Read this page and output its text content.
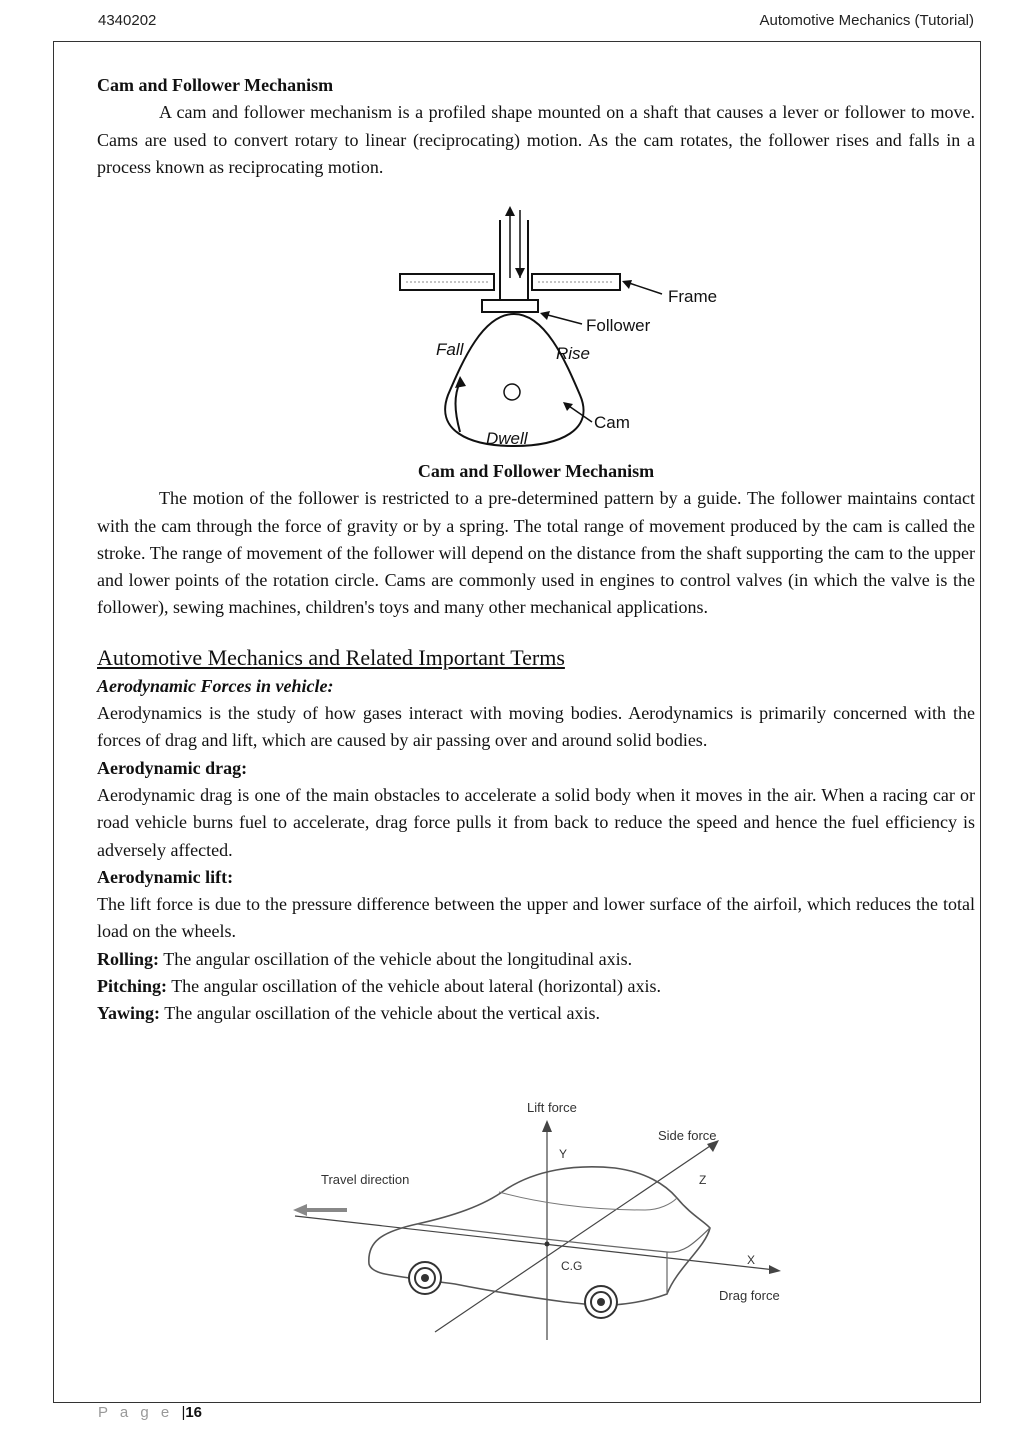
4340202	Automotive Mechanics (Tutorial)

Cam and Follower Mechanism

A cam and follower mechanism is a profiled shape mounted on a shaft that causes a lever or follower to move. Cams are used to convert rotary to linear (reciprocating) motion. As the cam rotates, the follower rises and falls in a process known as reciprocating motion.

Frame
Follower
Fall	Rise
Cam
Dwell

Cam and Follower Mechanism

The motion of the follower is restricted to a pre-determined pattern by a guide. The follower maintains contact with the cam through the force of gravity or by a spring. The total range of movement produced by the cam is called the stroke. The range of movement of the follower will depend on the distance from the shaft supporting the cam to the upper and lower points of the rotation circle. Cams are commonly used in engines to control valves (in which the valve is the follower), sewing machines, children's toys and many other mechanical applications.

Automotive Mechanics and Related Important Terms

Aerodynamic Forces in vehicle:

Aerodynamics is the study of how gases interact with moving bodies. Aerodynamics is primarily concerned with the forces of drag and lift, which are caused by air passing over and around solid bodies.

Aerodynamic drag:

Aerodynamic drag is one of the main obstacles to accelerate a solid body when it moves in the air. When a racing car or road vehicle burns fuel to accelerate, drag force pulls it from back to reduce the speed and hence the fuel efficiency is adversely affected.

Aerodynamic lift:

The lift force is due to the pressure difference between the upper and lower surface of the airfoil, which reduces the total load on the wheels.

Rolling: The angular oscillation of the vehicle about the longitudinal axis.

Pitching: The angular oscillation of the vehicle about lateral (horizontal) axis.

Yawing: The angular oscillation of the vehicle about the vertical axis.

Lift force
Side force
Travel direction
Y
Z
X
C.G
Drag force
P a g e |16
